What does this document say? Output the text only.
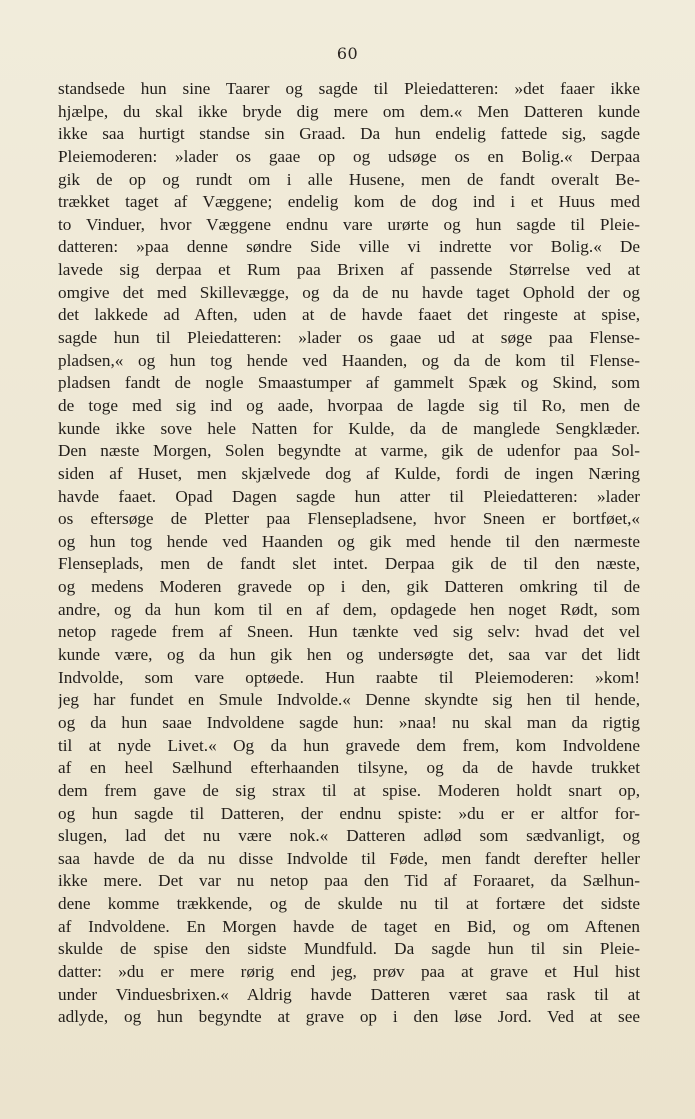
60
standsede hun sine Taarer og sagde til Pleiedatteren: »det faaer ikke
hjælpe, du skal ikke bryde dig mere om dem.« Men Datteren kunde
ikke saa hurtigt standse sin Graad. Da hun endelig fattede sig, sagde
Pleiemoderen: »lader os gaae op og udsøge os en Bolig.« Derpaa
gik de op og rundt om i alle Husene, men de fandt overalt Be-
trækket taget af Væggene; endelig kom de dog ind i et Huus med
to Vinduer, hvor Væggene endnu vare urørte og hun sagde til Pleie-
datteren: »paa denne søndre Side ville vi indrette vor Bolig.« De
lavede sig derpaa et Rum paa Brixen af passende Størrelse ved at
omgive det med Skillevægge, og da de nu havde taget Ophold der og
det lakkede ad Aften, uden at de havde faaet det ringeste at spise,
sagde hun til Pleiedatteren: »lader os gaae ud at søge paa Flense-
pladsen,« og hun tog hende ved Haanden, og da de kom til Flense-
pladsen fandt de nogle Smaastumper af gammelt Spæk og Skind, som
de toge med sig ind og aade, hvorpaa de lagde sig til Ro, men de
kunde ikke sove hele Natten for Kulde, da de manglede Sengklæder.
Den næste Morgen, Solen begyndte at varme, gik de udenfor paa Sol-
siden af Huset, men skjælvede dog af Kulde, fordi de ingen Næring
havde faaet. Opad Dagen sagde hun atter til Pleiedatteren: »lader
os eftersøge de Pletter paa Flensepladsene, hvor Sneen er bortføet,«
og hun tog hende ved Haanden og gik med hende til den nærmeste
Flenseplads, men de fandt slet intet. Derpaa gik de til den næste,
og medens Moderen gravede op i den, gik Datteren omkring til de
andre, og da hun kom til en af dem, opdagede hen noget Rødt, som
netop ragede frem af Sneen. Hun tænkte ved sig selv: hvad det vel
kunde være, og da hun gik hen og undersøgte det, saa var det lidt
Indvolde, som vare optøede. Hun raabte til Pleiemoderen: »kom!
jeg har fundet en Smule Indvolde.« Denne skyndte sig hen til hende,
og da hun saae Indvoldene sagde hun: »naa! nu skal man da rigtig
til at nyde Livet.« Og da hun gravede dem frem, kom Indvoldene
af en heel Sælhund efterhaanden tilsyne, og da de havde trukket
dem frem gave de sig strax til at spise. Moderen holdt snart op,
og hun sagde til Datteren, der endnu spiste: »du er er altfor for-
slugen, lad det nu være nok.« Datteren adlød som sædvanligt, og
saa havde de da nu disse Indvolde til Føde, men fandt derefter heller
ikke mere. Det var nu netop paa den Tid af Foraaret, da Sælhun-
dene komme trækkende, og de skulde nu til at fortære det sidste
af Indvoldene. En Morgen havde de taget en Bid, og om Aftenen
skulde de spise den sidste Mundfuld. Da sagde hun til sin Pleie-
datter: »du er mere rørig end jeg, prøv paa at grave et Hul hist
under Vinduesbrixen.« Aldrig havde Datteren været saa rask til at
adlyde, og hun begyndte at grave op i den løse Jord. Ved at see
